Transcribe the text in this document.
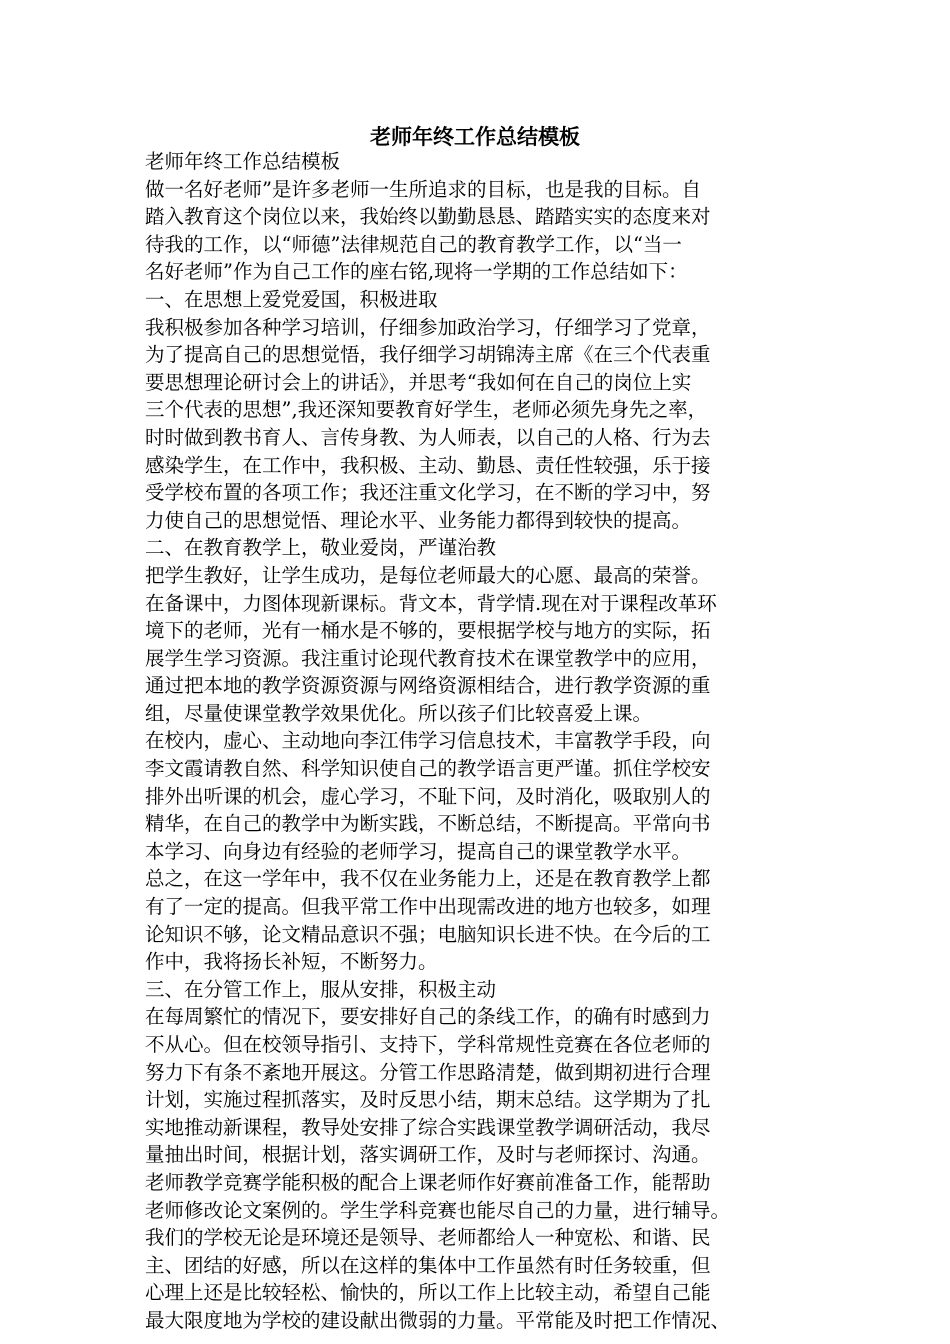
老师年终工作总结模板
老师年终工作总结模板
做一名好老师”是许多老师一生所追求的目标，也是我的目标。自
踏入教育这个岗位以来，我始终以勤勤恳恳、踏踏实实的态度来对
待我的工作，以“师德”法律规范自己的教育教学工作，以“当一
名好老师”作为自己工作的座右铭,现将一学期的工作总结如下：
一、在思想上爱党爱国，积极进取
我积极参加各种学习培训，仔细参加政治学习，仔细学习了党章，
为了提高自己的思想觉悟，我仔细学习胡锦涛主席《在三个代表重
要思想理论研讨会上的讲话》，并思考“我如何在自己的岗位上实
三个代表的思想”,我还深知要教育好学生，老师必须先身先之率，
时时做到教书育人、言传身教、为人师表，以自己的人格、行为去
感染学生，在工作中，我积极、主动、勤恳、责任性较强，乐于接
受学校布置的各项工作；我还注重文化学习，在不断的学习中，努
力使自己的思想觉悟、理论水平、业务能力都得到较快的提高。
二、在教育教学上，敬业爱岗，严谨治教
把学生教好，让学生成功，是每位老师最大的心愿、最高的荣誉。
在备课中，力图体现新课标。背文本，背学情.现在对于课程改革环
境下的老师，光有一桶水是不够的，要根据学校与地方的实际，拓
展学生学习资源。我注重讨论现代教育技术在课堂教学中的应用，
通过把本地的教学资源资源与网络资源相结合，进行教学资源的重
组，尽量使课堂教学效果优化。所以孩子们比较喜爱上课。
在校内，虚心、主动地向李江伟学习信息技术，丰富教学手段，向
李文霞请教自然、科学知识使自己的教学语言更严谨。抓住学校安
排外出听课的机会，虚心学习，不耻下问，及时消化，吸取别人的
精华，在自己的教学中为断实践，不断总结，不断提高。平常向书
本学习、向身边有经验的老师学习，提高自己的课堂教学水平。
总之，在这一学年中，我不仅在业务能力上，还是在教育教学上都
有了一定的提高。但我平常工作中出现需改进的地方也较多，如理
论知识不够，论文精品意识不强；电脑知识长进不快。在今后的工
作中，我将扬长补短，不断努力。
三、在分管工作上，服从安排，积极主动
在每周繁忙的情况下，要安排好自己的条线工作，的确有时感到力
不从心。但在校领导指引、支持下，学科常规性竞赛在各位老师的
努力下有条不紊地开展这。分管工作思路清楚，做到期初进行合理
计划，实施过程抓落实，及时反思小结，期末总结。这学期为了扎
实地推动新课程，教导处安排了综合实践课堂教学调研活动，我尽
量抽出时间，根据计划，落实调研工作，及时与老师探讨、沟通。
老师教学竞赛学能积极的配合上课老师作好赛前准备工作，能帮助
老师修改论文案例的。学生学科竞赛也能尽自己的力量，进行辅导。
我们的学校无论是环境还是领导、老师都给人一种宽松、和谐、民
主、团结的好感，所以在这样的集体中工作虽然有时任务较重，但
心理上还是比较轻松、愉快的，所以工作上比较主动，希望自己能
最大限度地为学校的建设献出微弱的力量。平常能及时把工作情况、
